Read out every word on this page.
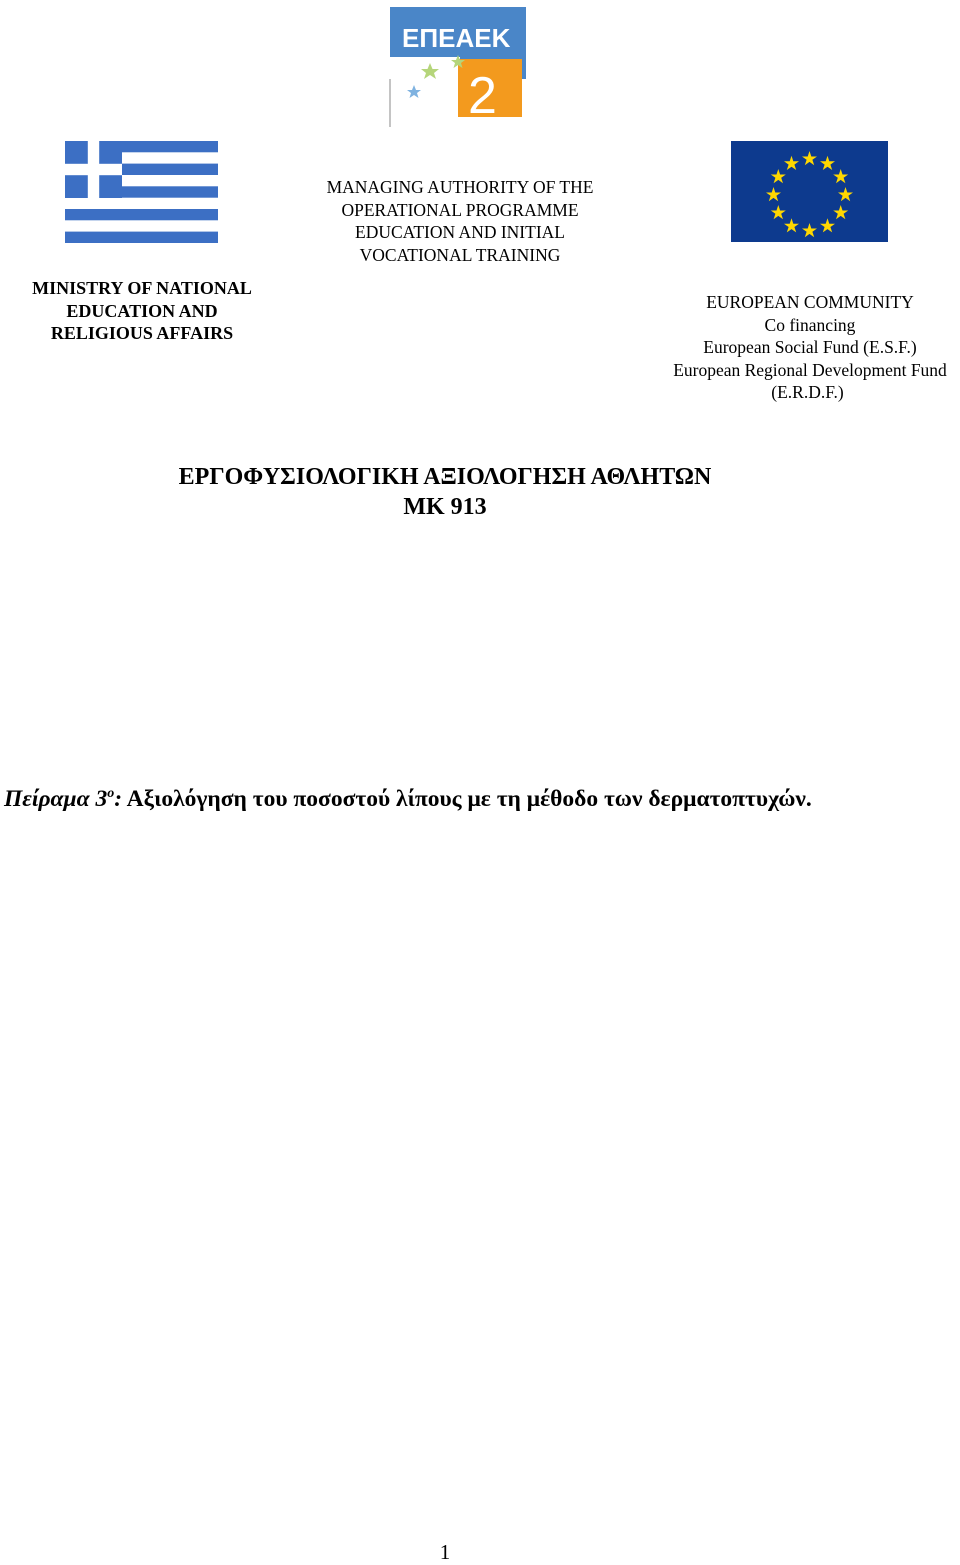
ΕΠΕΑΕΚ
2
MINISTRY OF NATIONAL
EDUCATION AND
RELIGIOUS AFFAIRS
MANAGING AUTHORITY OF THE
OPERATIONAL PROGRAMME
EDUCATION AND INITIAL
VOCATIONAL TRAINING
EUROPEAN COMMUNITY
Co financing
European Social Fund (E.S.F.)
European Regional Development Fund
(E.R.D.F.)
ΕΡΓΟΦΥΣΙΟΛΟΓΙΚΗ ΑΞΙΟΛΟΓΗΣΗ ΑΘΛΗΤΩΝ
ΜΚ 913
Πείραμα $3^o$: Αξιολόγηση του ποσοστού λίπους με τη μέθοδο των δερματοπτυχών.
1
